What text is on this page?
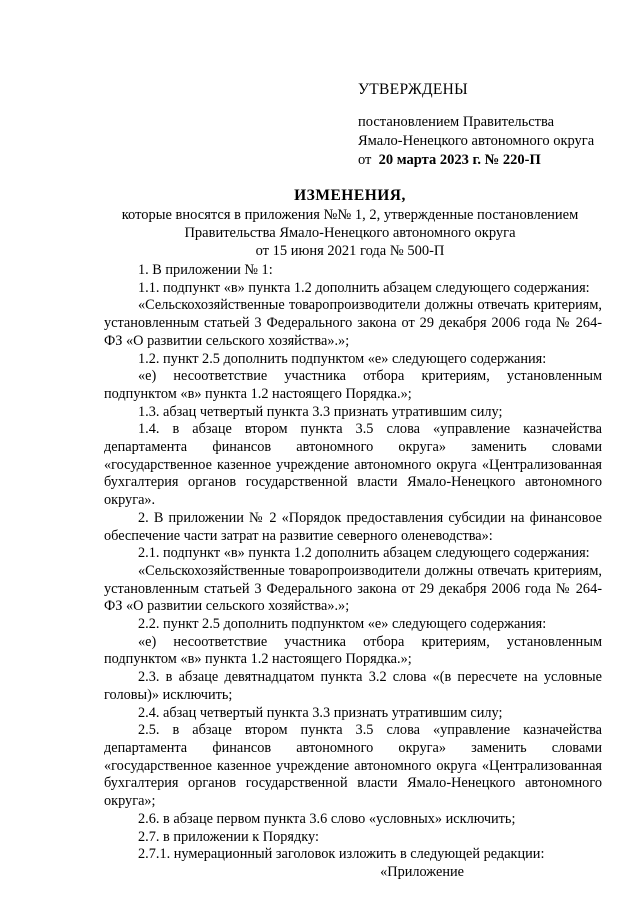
УТВЕРЖДЕНЫ
постановлением Правительства
Ямало-Ненецкого автономного округа
от 20 марта 2023 г. № 220-П
ИЗМЕНЕНИЯ,
которые вносятся в приложения №№ 1, 2, утвержденные постановлением
Правительства Ямало-Ненецкого автономного округа
от 15 июня 2021 года № 500-П

1. В приложении № 1:

1.1. подпункт «в» пункта 1.2 дополнить абзацем следующего содержания:

«Сельскохозяйственные товаропроизводители должны отвечать критериям, установленным статьей 3 Федерального закона от 29 декабря 2006 года № 264-ФЗ «О развитии сельского хозяйства».»;

1.2. пункт 2.5 дополнить подпунктом «е» следующего содержания:

«е) несоответствие участника отбора критериям, установленным подпунктом «в» пункта 1.2 настоящего Порядка.»;

1.3. абзац четвертый пункта 3.3 признать утратившим силу;

1.4. в абзаце втором пункта 3.5 слова «управление казначейства департамента финансов автономного округа» заменить словами «государственное казенное учреждение автономного округа «Централизованная бухгалтерия органов государственной власти Ямало-Ненецкого автономного округа».

2. В приложении № 2 «Порядок предоставления субсидии на финансовое обеспечение части затрат на развитие северного оленеводства»:

2.1. подпункт «в» пункта 1.2 дополнить абзацем следующего содержания:

«Сельскохозяйственные товаропроизводители должны отвечать критериям, установленным статьей 3 Федерального закона от 29 декабря 2006 года № 264-ФЗ «О развитии сельского хозяйства».»;

2.2. пункт 2.5 дополнить подпунктом «е» следующего содержания:

«е) несоответствие участника отбора критериям, установленным подпунктом «в» пункта 1.2 настоящего Порядка.»;

2.3. в абзаце девятнадцатом пункта 3.2 слова «(в пересчете на условные головы)» исключить;

2.4. абзац четвертый пункта 3.3 признать утратившим силу;

2.5. в абзаце втором пункта 3.5 слова «управление казначейства департамента финансов автономного округа» заменить словами «государственное казенное учреждение автономного округа «Централизованная бухгалтерия органов государственной власти Ямало-Ненецкого автономного округа»;

2.6. в абзаце первом пункта 3.6 слово «условных» исключить;

2.7. в приложении к Порядку:

2.7.1. нумерационный заголовок изложить в следующей редакции:

«Приложение
